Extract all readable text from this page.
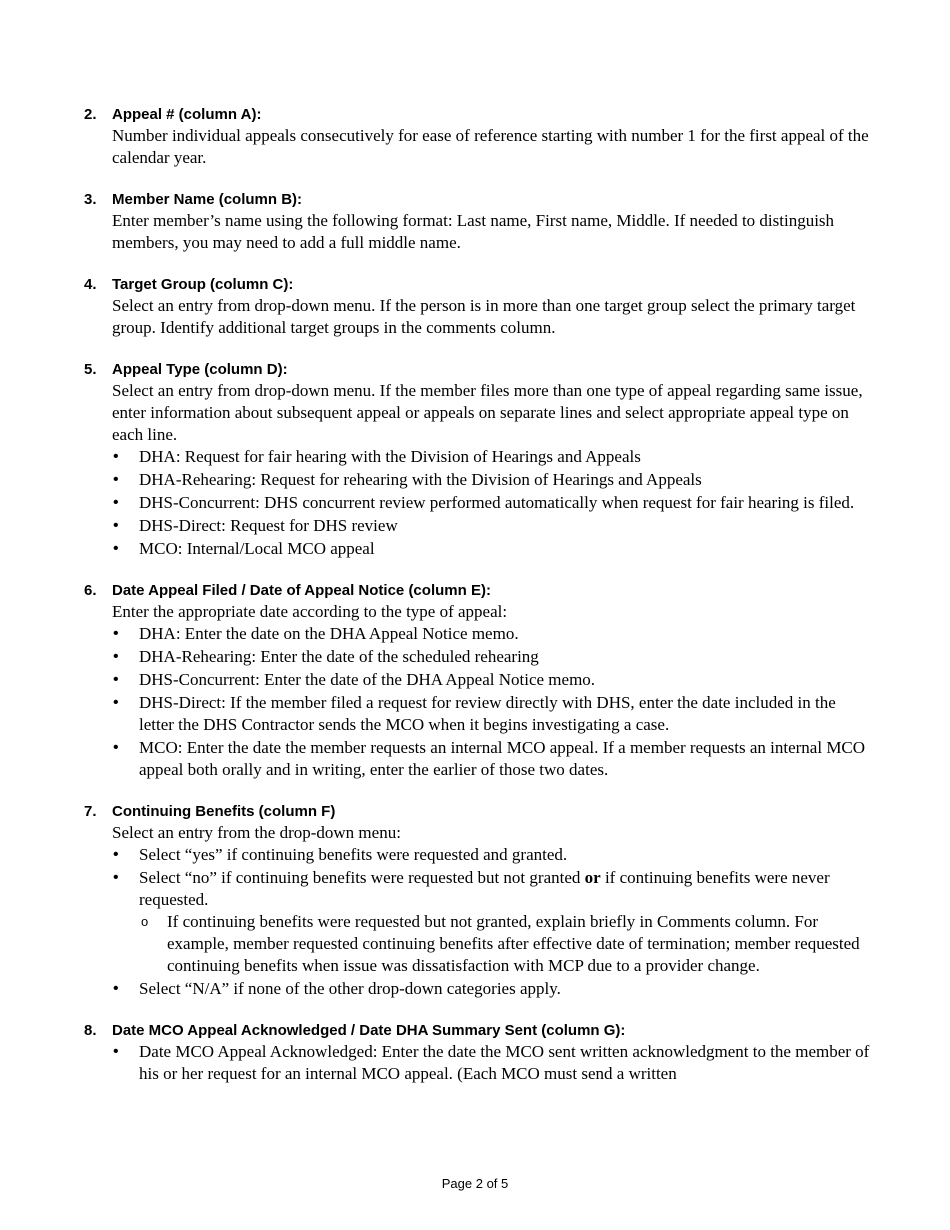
2. Appeal # (column A):
Number individual appeals consecutively for ease of reference starting with number 1 for the first appeal of the calendar year.
3. Member Name (column B):
Enter member’s name using the following format: Last name, First name, Middle. If needed to distinguish members, you may need to add a full middle name.
4. Target Group (column C):
Select an entry from drop-down menu. If the person is in more than one target group select the primary target group. Identify additional target groups in the comments column.
5. Appeal Type (column D):
Select an entry from drop-down menu. If the member files more than one type of appeal regarding same issue, enter information about subsequent appeal or appeals on separate lines and select appropriate appeal type on each line.
• DHA: Request for fair hearing with the Division of Hearings and Appeals
• DHA-Rehearing: Request for rehearing with the Division of Hearings and Appeals
• DHS-Concurrent: DHS concurrent review performed automatically when request for fair hearing is filed.
• DHS-Direct: Request for DHS review
• MCO: Internal/Local MCO appeal
6. Date Appeal Filed / Date of Appeal Notice (column E):
Enter the appropriate date according to the type of appeal:
• DHA: Enter the date on the DHA Appeal Notice memo.
• DHA-Rehearing: Enter the date of the scheduled rehearing
• DHS-Concurrent: Enter the date of the DHA Appeal Notice memo.
• DHS-Direct: If the member filed a request for review directly with DHS, enter the date included in the letter the DHS Contractor sends the MCO when it begins investigating a case.
• MCO: Enter the date the member requests an internal MCO appeal. If a member requests an internal MCO appeal both orally and in writing, enter the earlier of those two dates.
7. Continuing Benefits (column F)
Select an entry from the drop-down menu:
• Select “yes” if continuing benefits were requested and granted.
• Select “no” if continuing benefits were requested but not granted or if continuing benefits were never requested.
o If continuing benefits were requested but not granted, explain briefly in Comments column. For example, member requested continuing benefits after effective date of termination; member requested continuing benefits when issue was dissatisfaction with MCP due to a provider change.
• Select “N/A” if none of the other drop-down categories apply.
8. Date MCO Appeal Acknowledged / Date DHA Summary Sent (column G):
• Date MCO Appeal Acknowledged: Enter the date the MCO sent written acknowledgment to the member of his or her request for an internal MCO appeal. (Each MCO must send a written
Page 2 of 5
